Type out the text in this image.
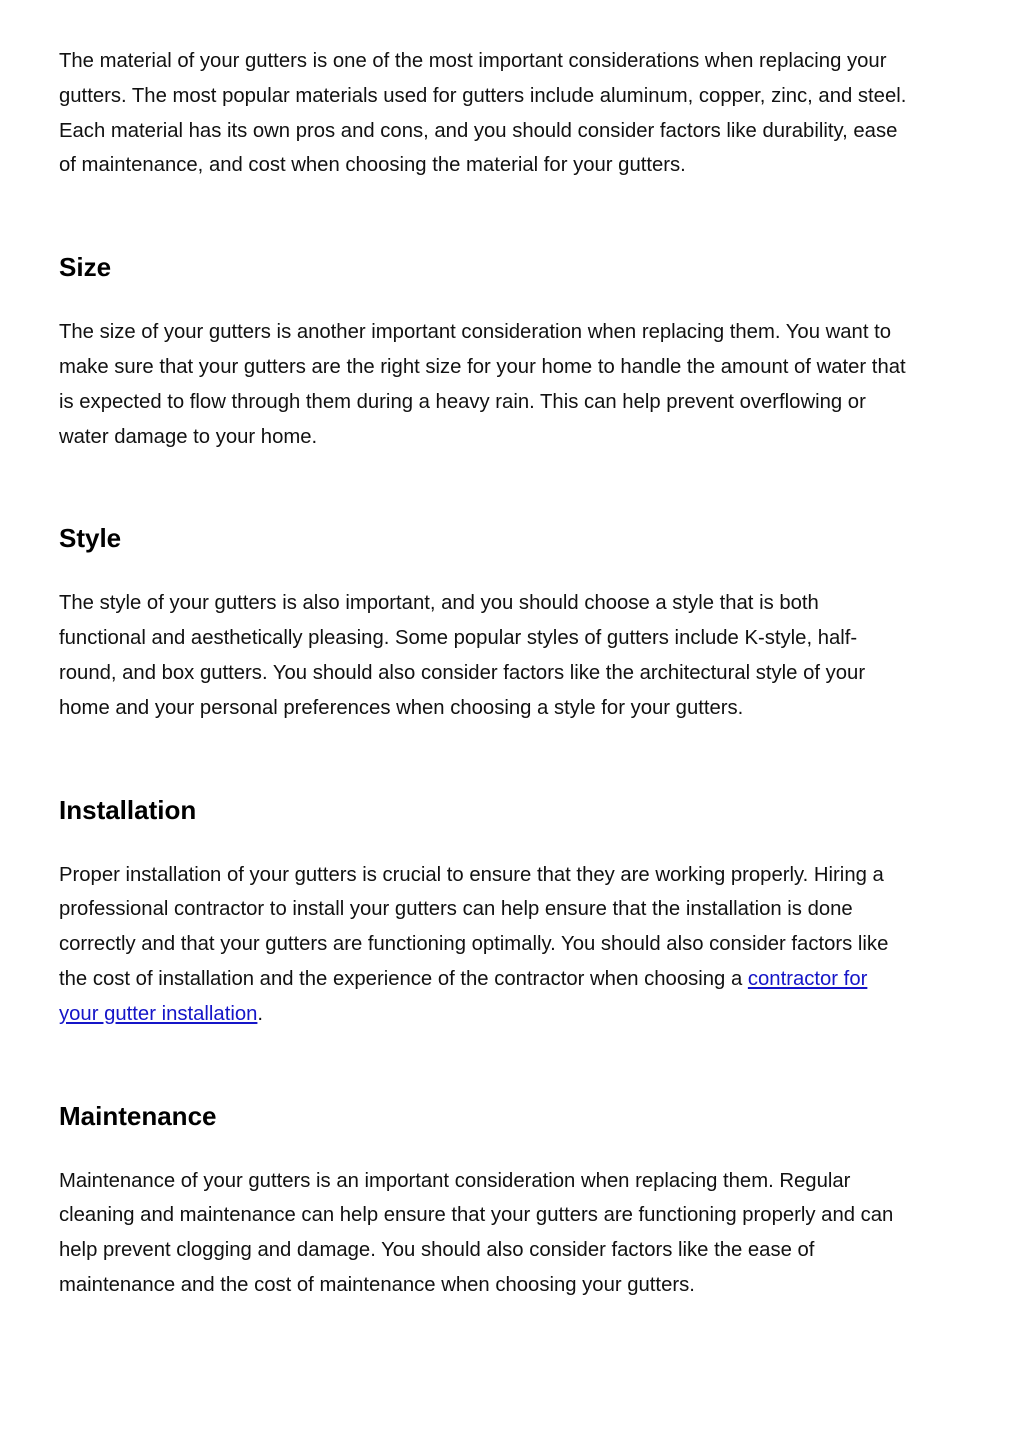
The material of your gutters is one of the most important considerations when replacing your
gutters. The most popular materials used for gutters include aluminum, copper, zinc, and steel.
Each material has its own pros and cons, and you should consider factors like durability, ease
of maintenance, and cost when choosing the material for your gutters.

Size

The size of your gutters is another important consideration when replacing them. You want to
make sure that your gutters are the right size for your home to handle the amount of water that
is expected to flow through them during a heavy rain. This can help prevent overflowing or
water damage to your home.

Style

The style of your gutters is also important, and you should choose a style that is both
functional and aesthetically pleasing. Some popular styles of gutters include K-style, half-
round, and box gutters. You should also consider factors like the architectural style of your
home and your personal preferences when choosing a style for your gutters.

Installation

Proper installation of your gutters is crucial to ensure that they are working properly. Hiring a
professional contractor to install your gutters can help ensure that the installation is done
correctly and that your gutters are functioning optimally. You should also consider factors like
the cost of installation and the experience of the contractor when choosing a contractor for
your gutter installation.

Maintenance

Maintenance of your gutters is an important consideration when replacing them. Regular
cleaning and maintenance can help ensure that your gutters are functioning properly and can
help prevent clogging and damage. You should also consider factors like the ease of
maintenance and the cost of maintenance when choosing your gutters.
